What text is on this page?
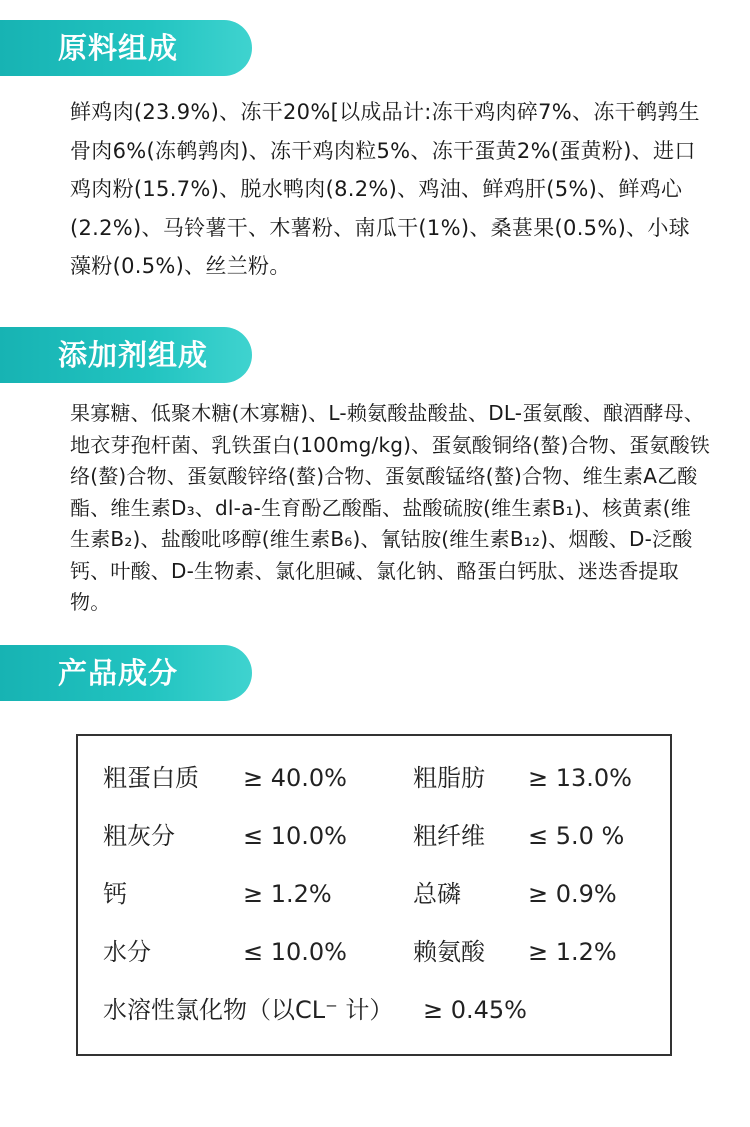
原料组成

鲜鸡肉(23.9%)、冻干20%[以成品计:冻干鸡肉碎7%、冻干鹌鹑生骨肉6%(冻鹌鹑肉)、冻干鸡肉粒5%、冻干蛋黄2%(蛋黄粉)、进口鸡肉粉(15.7%)、脱水鸭肉(8.2%)、鸡油、鲜鸡肝(5%)、鲜鸡心(2.2%)、马铃薯干、木薯粉、南瓜干(1%)、桑葚果(0.5%)、小球藻粉(0.5%)、丝兰粉。

添加剂组成

果寡糖、低聚木糖(木寡糖)、L-赖氨酸盐酸盐、DL-蛋氨酸、酿酒酵母、地衣芽孢杆菌、乳铁蛋白(100mg/kg)、蛋氨酸铜络(螯)合物、蛋氨酸铁络(螯)合物、蛋氨酸锌络(螯)合物、蛋氨酸锰络(螯)合物、维生素A乙酸酯、维生素D₃、dl-a-生育酚乙酸酯、盐酸硫胺(维生素B₁)、核黄素(维生素B₂)、盐酸吡哆醇(维生素B₆)、氰钴胺(维生素B₁₂)、烟酸、D-泛酸钙、叶酸、D-生物素、氯化胆碱、氯化钠、酪蛋白钙肽、迷迭香提取物。

产品成分
粗蛋白质 ≥ 40.0%	粗脂肪 ≥ 13.0%
粗灰分	≤ 10.0%	粗纤维 ≤ 5.0 %
钙	≥ 1.2%	总磷	≥ 0.9%
水分	≤ 10.0%	赖氨酸 ≥ 1.2%
水溶性氯化物（以CL⁻ 计） ≥ 0.45%
